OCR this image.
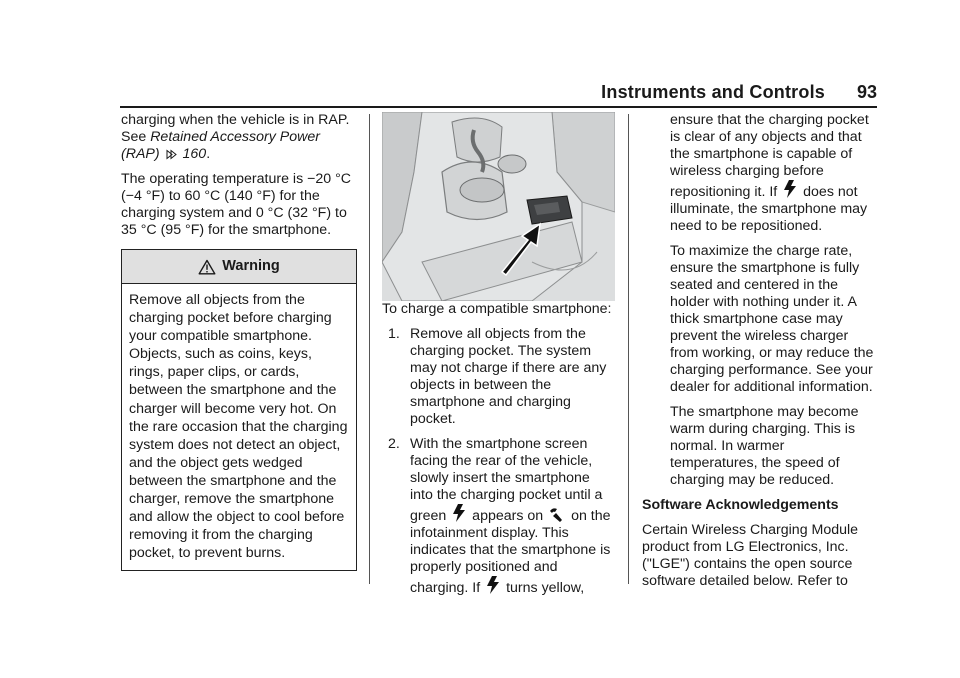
Instruments and Controls 93

charging when the vehicle is in RAP. See Retained Accessory Power (RAP) 160.

The operating temperature is −20 °C (−4 °F) to 60 °C (140 °F) for the charging system and 0 °C (32 °F) to 35 °C (95 °F) for the smartphone.

Warning
Remove all objects from the charging pocket before charging your compatible smartphone. Objects, such as coins, keys, rings, paper clips, or cards, between the smartphone and the charger will become very hot. On the rare occasion that the charging system does not detect an object, and the object gets wedged between the smartphone and the charger, remove the smartphone and allow the object to cool before removing it from the charging pocket, to prevent burns.

To charge a compatible smartphone:

1. Remove all objects from the charging pocket. The system may not charge if there are any objects in between the smartphone and charging pocket.
2. With the smartphone screen facing the rear of the vehicle, slowly insert the smartphone into the charging pocket until a green  appears on  on the infotainment display. This indicates that the smartphone is properly positioned and charging. If  turns yellow,

ensure that the charging pocket is clear of any objects and that the smartphone is capable of wireless charging before repositioning it. If  does not illuminate, the smartphone may need to be repositioned.

To maximize the charge rate, ensure the smartphone is fully seated and centered in the holder with nothing under it. A thick smartphone case may prevent the wireless charger from working, or may reduce the charging performance. See your dealer for additional information.

The smartphone may become warm during charging. This is normal. In warmer temperatures, the speed of charging may be reduced.

Software Acknowledgements

Certain Wireless Charging Module product from LG Electronics, Inc. ("LGE") contains the open source software detailed below. Refer to
